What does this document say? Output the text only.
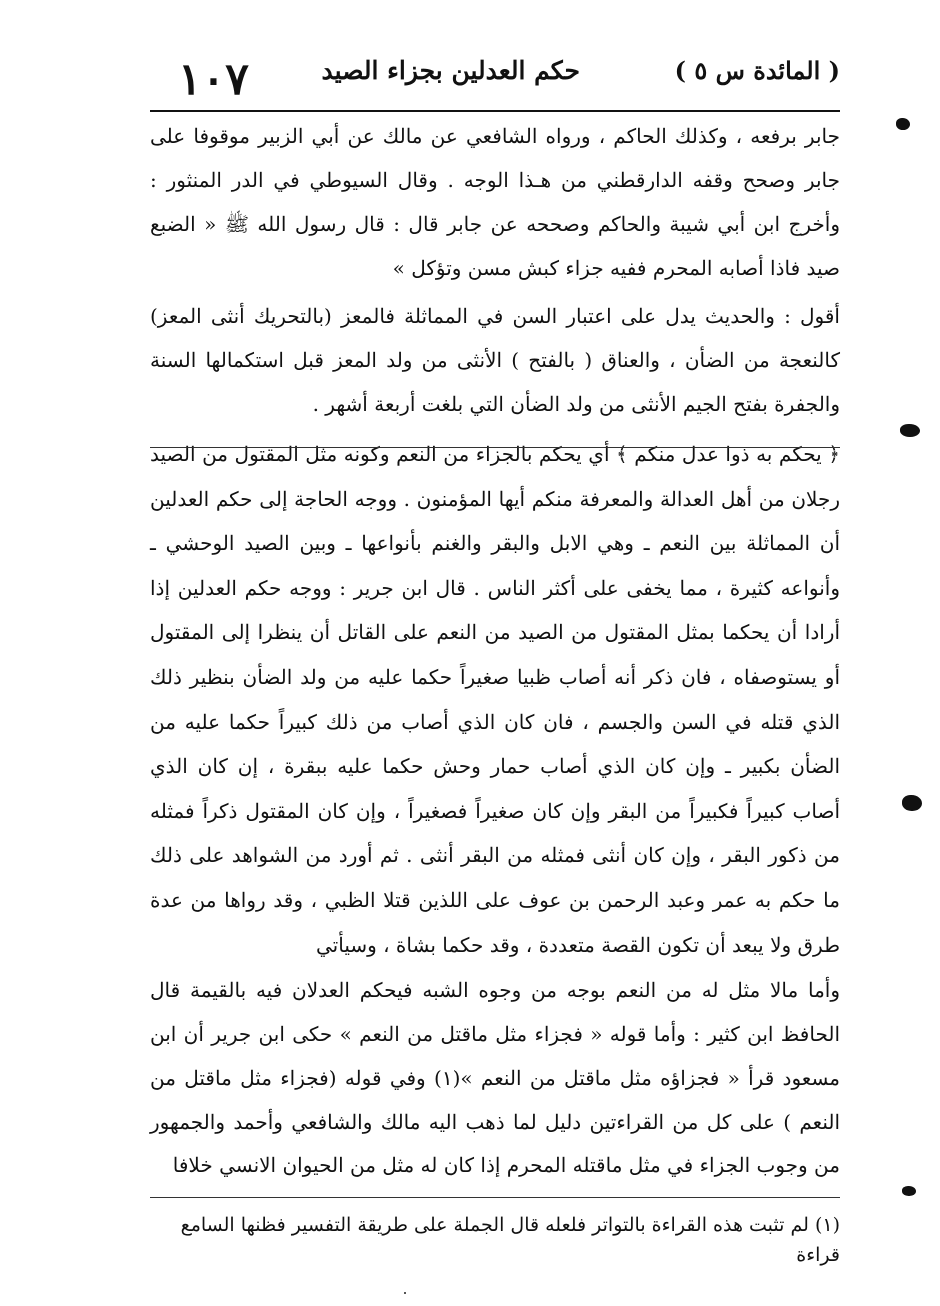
( المائدة س ٥ )
حكم العدلين بجزاء الصيد
١٠٧

جابر برفعه ، وكذلك الحاكم ، ورواه الشافعي عن مالك عن أبي الزبير موقوفا على جابر وصحح وقفه الدارقطني من هـذا الوجه . وقال السيوطي في الدر المنثور : وأخرج ابن أبي شيبة والحاكم وصححه عن جابر قال : قال رسول الله ﷺ « الضبع صيد فاذا أصابه المحرم ففيه جزاء كبش مسن وتؤكل »

أقول : والحديث يدل على اعتبار السن في المماثلة فالمعز (بالتحريك أنثى المعز) كالنعجة من الضأن ، والعناق ( بالفتح ) الأنثى من ولد المعز قبل استكمالها السنة والجفرة بفتح الجيم الأنثى من ولد الضأن التي بلغت أربعة أشهر .

﴿ يحكم به ذوا عدل منكم ﴾ أي يحكم بالجزاء من النعم وكونه مثل المقتول من الصيد رجلان من أهل العدالة والمعرفة منكم أيها المؤمنون . ووجه الحاجة إلى حكم العدلين أن المماثلة بين النعم ـ وهي الابل والبقر والغنم بأنواعها ـ وبين الصيد الوحشي ـ وأنواعه كثيرة ، مما يخفى على أكثر الناس . قال ابن جرير : ووجه حكم العدلين إذا أرادا أن يحكما بمثل المقتول من الصيد من النعم على القاتل أن ينظرا إلى المقتول أو يستوصفاه ، فان ذكر أنه أصاب ظبيا صغيراً حكما عليه من ولد الضأن بنظير ذلك الذي قتله في السن والجسم ، فان كان الذي أصاب من ذلك كبيراً حكما عليه من الضأن بكبير ـ وإن كان الذي أصاب حمار وحش حكما عليه ببقرة ، إن كان الذي أصاب كبيراً فكبيراً من البقر وإن كان صغيراً فصغيراً ، وإن كان المقتول ذكراً فمثله من ذكور البقر ، وإن كان أنثى فمثله من البقر أنثى . ثم أورد من الشواهد على ذلك ما حكم به عمر وعبد الرحمن بن عوف على اللذين قتلا الظبي ، وقد رواها من عدة طرق ولا يبعد أن تكون القصة متعددة ، وقد حكما بشاة ، وسيأتي

وأما مالا مثل له من النعم بوجه من وجوه الشبه فيحكم العدلان فيه بالقيمة قال الحافظ ابن كثير : وأما قوله « فجزاء مثل ماقتل من النعم » حكى ابن جرير أن ابن مسعود قرأ « فجزاؤه مثل ماقتل من النعم »(١) وفي قوله (فجزاء مثل ماقتل من النعم ) على كل من القراءتين دليل لما ذهب اليه مالك والشافعي وأحمد والجمهور من وجوب الجزاء في مثل ماقتله المحرم إذا كان له مثل من الحيوان الانسي خلافا

(١) لم تثبت هذه القراءة بالتواتر فلعله قال الجملة على طريقة التفسير فظنها السامع قراءة
